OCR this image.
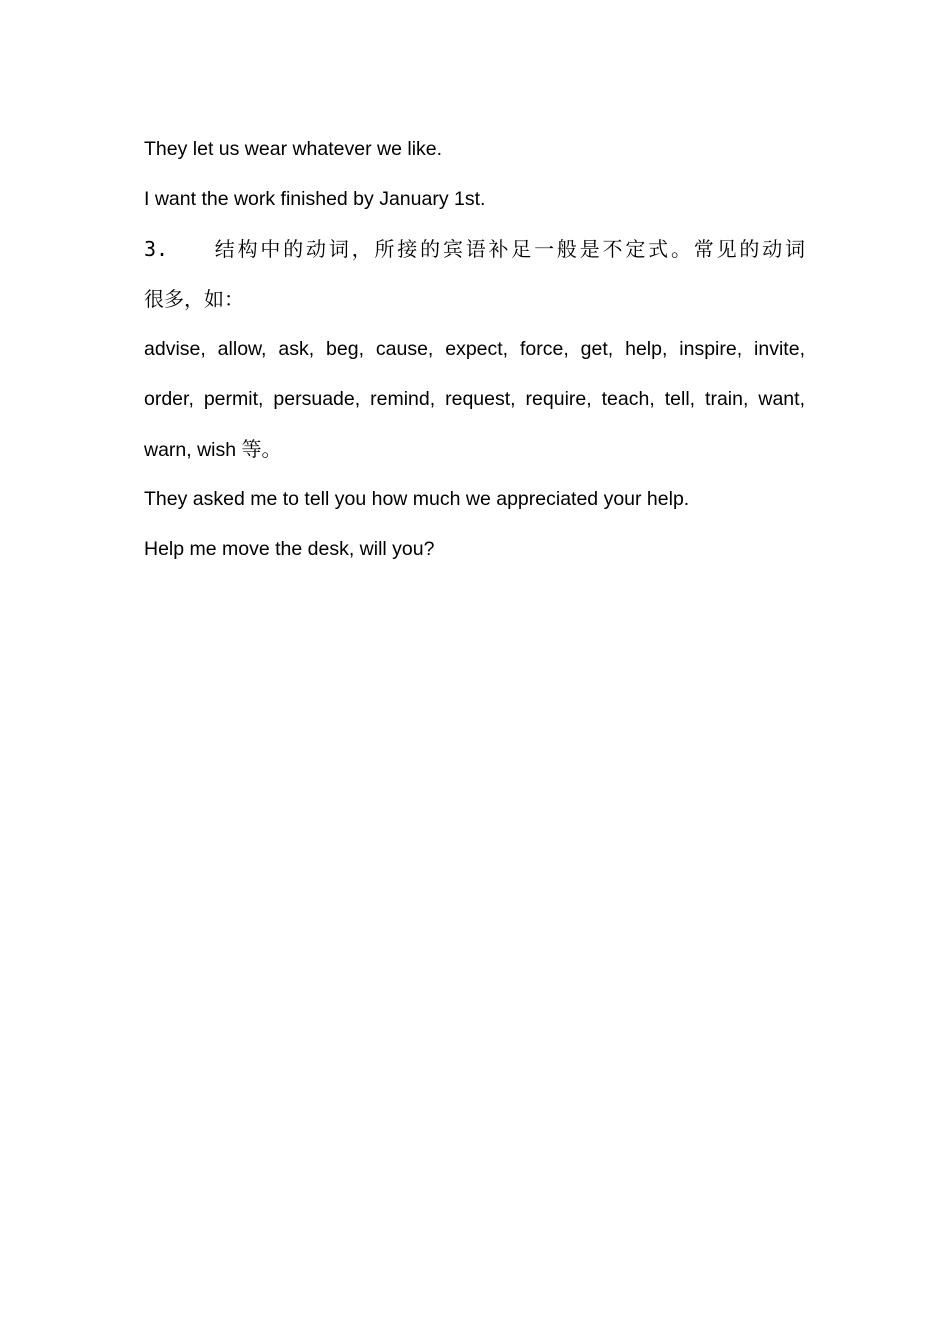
They let us wear whatever we like.
I want the work finished by January 1st.
3. 结构中的动词，所接的宾语补足一般是不定式。常见的动词
很多，如：
advise, allow, ask, beg, cause, expect, force, get, help, inspire, invite,
order, permit, persuade, remind, request, require, teach, tell, train, want,
warn, wish 等。
They asked me to tell you how much we appreciated your help.
Help me move the desk, will you?
